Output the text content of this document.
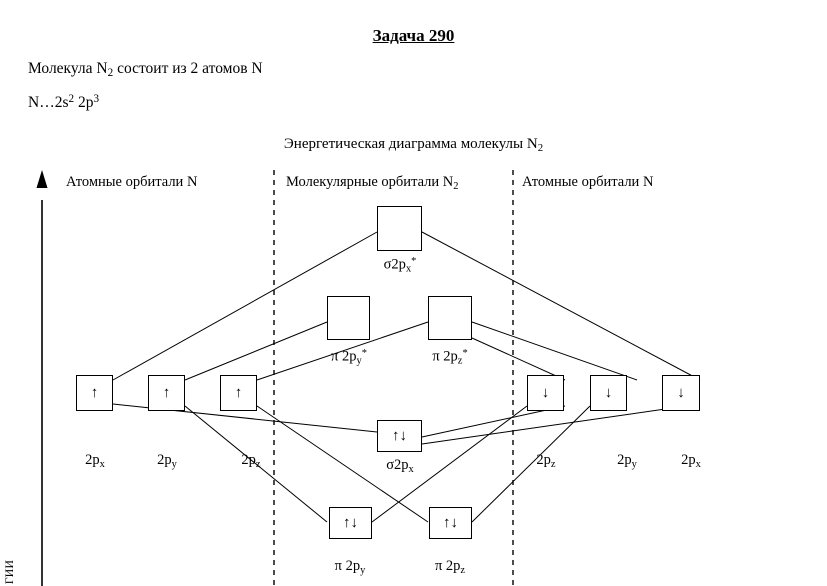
Задача 290
Молекула $N_2$ состоит из 2 атомов N
$N\dots 2s^2$ $2p^3$
Энергетическая диаграмма молекулы $N_2$
Атомные орбитали N	Молекулярные орбитали $N_2$	Атомные орбитали N
$\sigma 2p_x^*$
π $2p_y^*$	π $2p_z^*$
↑
$2p_x$
↑
$2p_y$
↑
$2p_z$
↓
$2p_z$
↓
$2p_y$
↓
$2p_x$
↑↓
$\sigma 2p_x$
↑↓
π $2p_y$
↑↓
π $2p_z$
ГИИ
